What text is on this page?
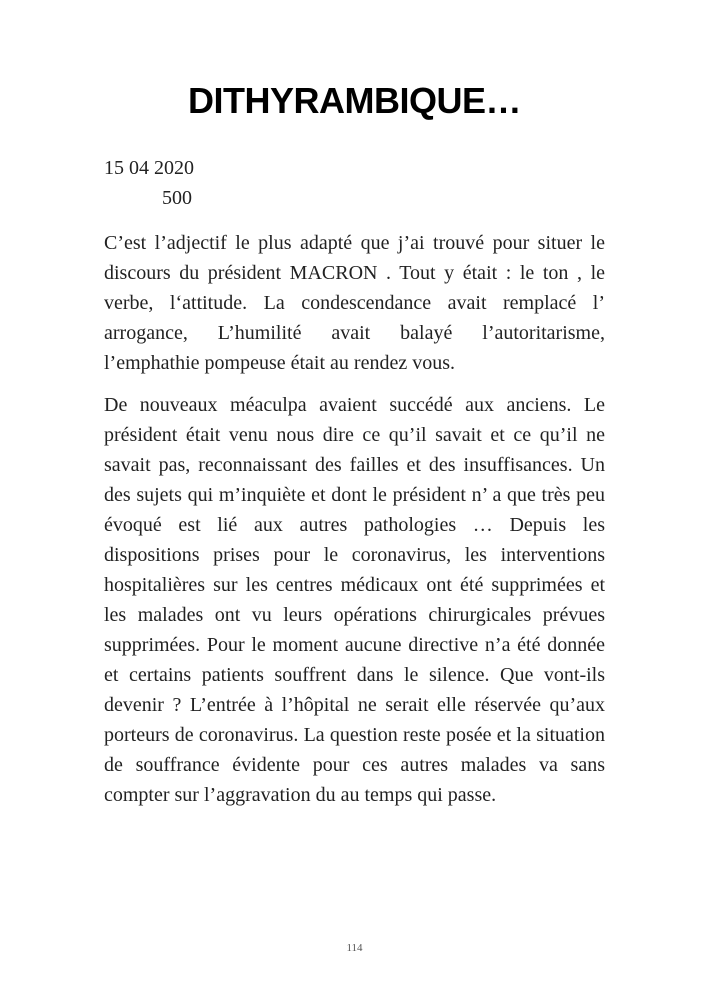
DITHYRAMBIQUE…
15 04 2020
500

C’est l’adjectif le plus adapté que j’ai trouvé pour situer le discours du président MACRON . Tout y était : le ton , le verbe, l‘attitude. La condescendance avait remplacé l’ arrogance, L’humilité avait balayé l’autoritarisme, l’emphathie pompeuse était au rendez vous.

De nouveaux méaculpa avaient succédé aux anciens. Le président était venu nous dire ce qu’il savait et ce qu’il ne savait pas, reconnaissant des failles et des insuffisances. Un des sujets qui m’inquiète et dont le président n’ a que très peu évoqué est lié aux autres pathologies … Depuis les dispositions prises pour le coronavirus, les interventions hospitalières sur les centres médicaux ont été supprimées et les malades ont vu leurs opérations chirurgicales prévues supprimées. Pour le moment aucune directive n’a été donnée et certains patients souffrent dans le silence. Que vont-ils devenir ? L’entrée à l’hôpital ne serait elle réservée qu’aux porteurs de coronavirus. La question reste posée et la situation de souffrance évidente pour ces autres malades va sans compter sur l’aggravation du au temps qui passe.

114
